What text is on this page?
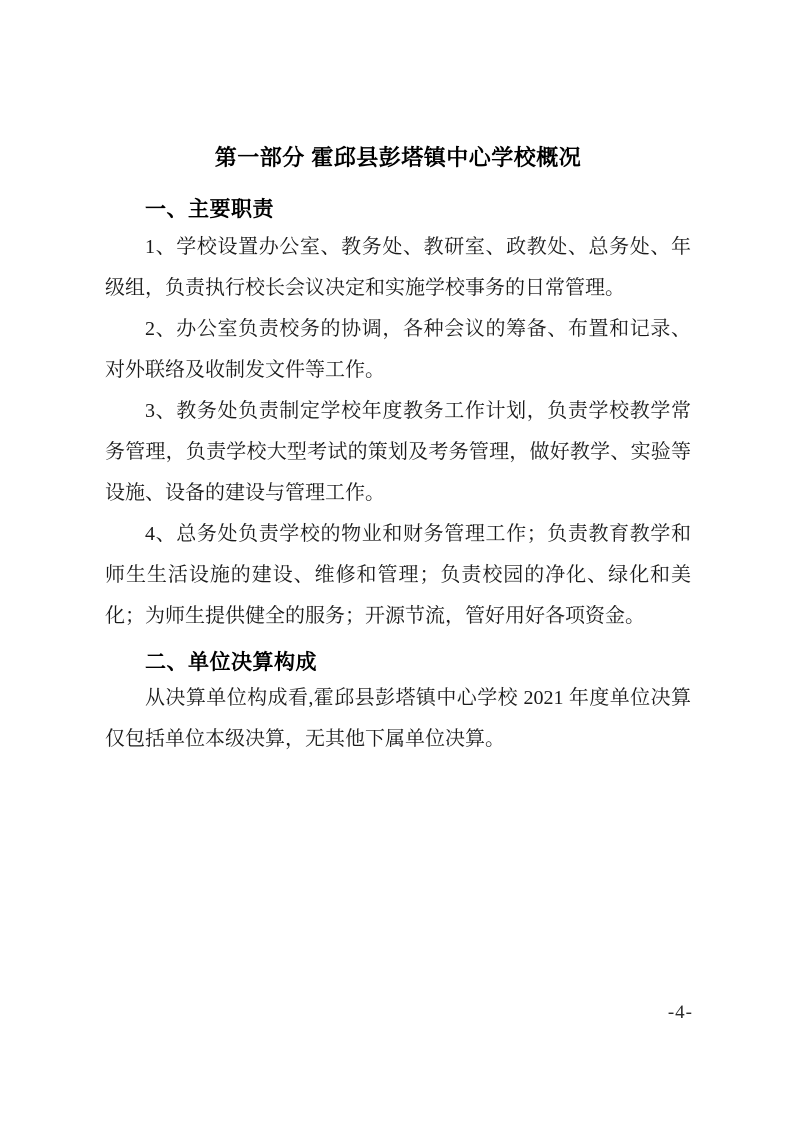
第一部分 霍邱县彭塔镇中心学校概况
一、主要职责

1、学校设置办公室、教务处、教研室、政教处、总务处、年级组，负责执行校长会议决定和实施学校事务的日常管理。

2、办公室负责校务的协调，各种会议的筹备、布置和记录、对外联络及收制发文件等工作。

3、教务处负责制定学校年度教务工作计划，负责学校教学常务管理，负责学校大型考试的策划及考务管理，做好教学、实验等设施、设备的建设与管理工作。

4、总务处负责学校的物业和财务管理工作；负责教育教学和师生生活设施的建设、维修和管理；负责校园的净化、绿化和美化；为师生提供健全的服务；开源节流，管好用好各项资金。

二、单位决算构成

从决算单位构成看,霍邱县彭塔镇中心学校 2021 年度单位决算仅包括单位本级决算，无其他下属单位决算。

-4-
